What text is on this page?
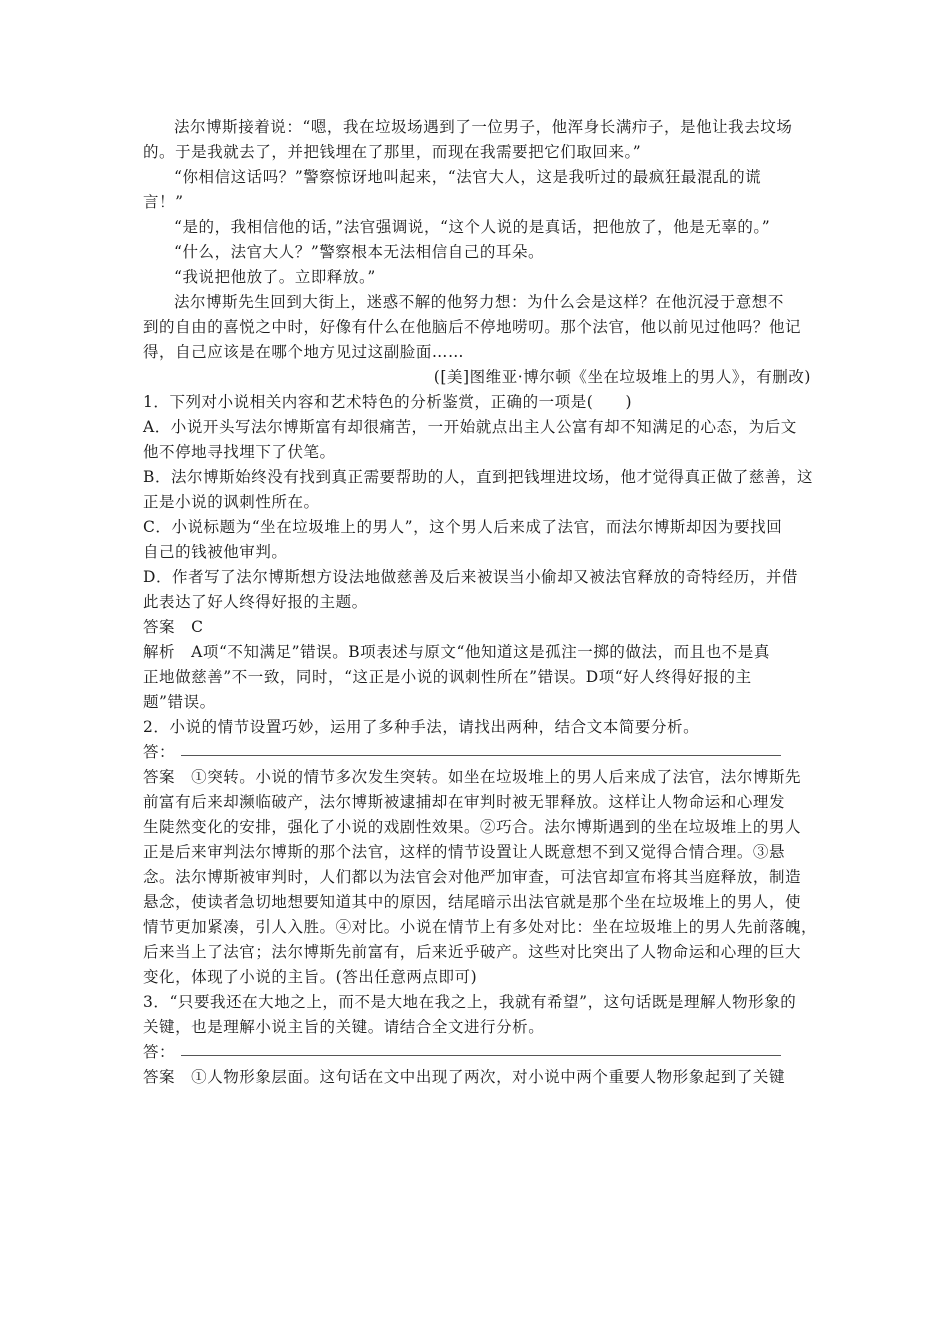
法尔博斯接着说：“嗯，我在垃圾场遇到了一位男子，他浑身长满疖子，是他让我去坟场
的。于是我就去了，并把钱埋在了那里，而现在我需要把它们取回来。”
“你相信这话吗？”警察惊讶地叫起来，“法官大人，这是我听过的最疯狂最混乱的谎
言！”
“是的，我相信他的话，”法官强调说，“这个人说的是真话，把他放了，他是无辜的。”
“什么，法官大人？”警察根本无法相信自己的耳朵。
“我说把他放了。立即释放。”
法尔博斯先生回到大街上，迷惑不解的他努力想：为什么会是这样？在他沉浸于意想不
到的自由的喜悦之中时，好像有什么在他脑后不停地唠叨。那个法官，他以前见过他吗？他记
得，自己应该是在哪个地方见过这副脸面……
([美]图维亚·博尔顿《坐在垃圾堆上的男人》，有删改)
1．下列对小说相关内容和艺术特色的分析鉴赏，正确的一项是(　　)
A．小说开头写法尔博斯富有却很痛苦，一开始就点出主人公富有却不知满足的心态，为后文
他不停地寻找埋下了伏笔。
B．法尔博斯始终没有找到真正需要帮助的人，直到把钱埋进坟场，他才觉得真正做了慈善，这
正是小说的讽刺性所在。
C．小说标题为“坐在垃圾堆上的男人”，这个男人后来成了法官，而法尔博斯却因为要找回
自己的钱被他审判。
D．作者写了法尔博斯想方设法地做慈善及后来被误当小偷却又被法官释放的奇特经历，并借
此表达了好人终得好报的主题。
答案　C
解析　A项“不知满足”错误。B项表述与原文“他知道这是孤注一掷的做法，而且也不是真
正地做慈善”不一致，同时，“这正是小说的讽刺性所在”错误。D项“好人终得好报的主
题”错误。
2．小说的情节设置巧妙，运用了多种手法，请找出两种，结合文本简要分析。
答：
答案　①突转。小说的情节多次发生突转。如坐在垃圾堆上的男人后来成了法官，法尔博斯先
前富有后来却濒临破产，法尔博斯被逮捕却在审判时被无罪释放。这样让人物命运和心理发
生陡然变化的安排，强化了小说的戏剧性效果。②巧合。法尔博斯遇到的坐在垃圾堆上的男人
正是后来审判法尔博斯的那个法官，这样的情节设置让人既意想不到又觉得合情合理。③悬
念。法尔博斯被审判时，人们都以为法官会对他严加审查，可法官却宣布将其当庭释放，制造
悬念，使读者急切地想要知道其中的原因，结尾暗示出法官就是那个坐在垃圾堆上的男人，使
情节更加紧凑，引人入胜。④对比。小说在情节上有多处对比：坐在垃圾堆上的男人先前落魄，
后来当上了法官；法尔博斯先前富有，后来近乎破产。这些对比突出了人物命运和心理的巨大
变化，体现了小说的主旨。(答出任意两点即可)
3．“只要我还在大地之上，而不是大地在我之上，我就有希望”，这句话既是理解人物形象的
关键，也是理解小说主旨的关键。请结合全文进行分析。
答：
答案　①人物形象层面。这句话在文中出现了两次，对小说中两个重要人物形象起到了关键
